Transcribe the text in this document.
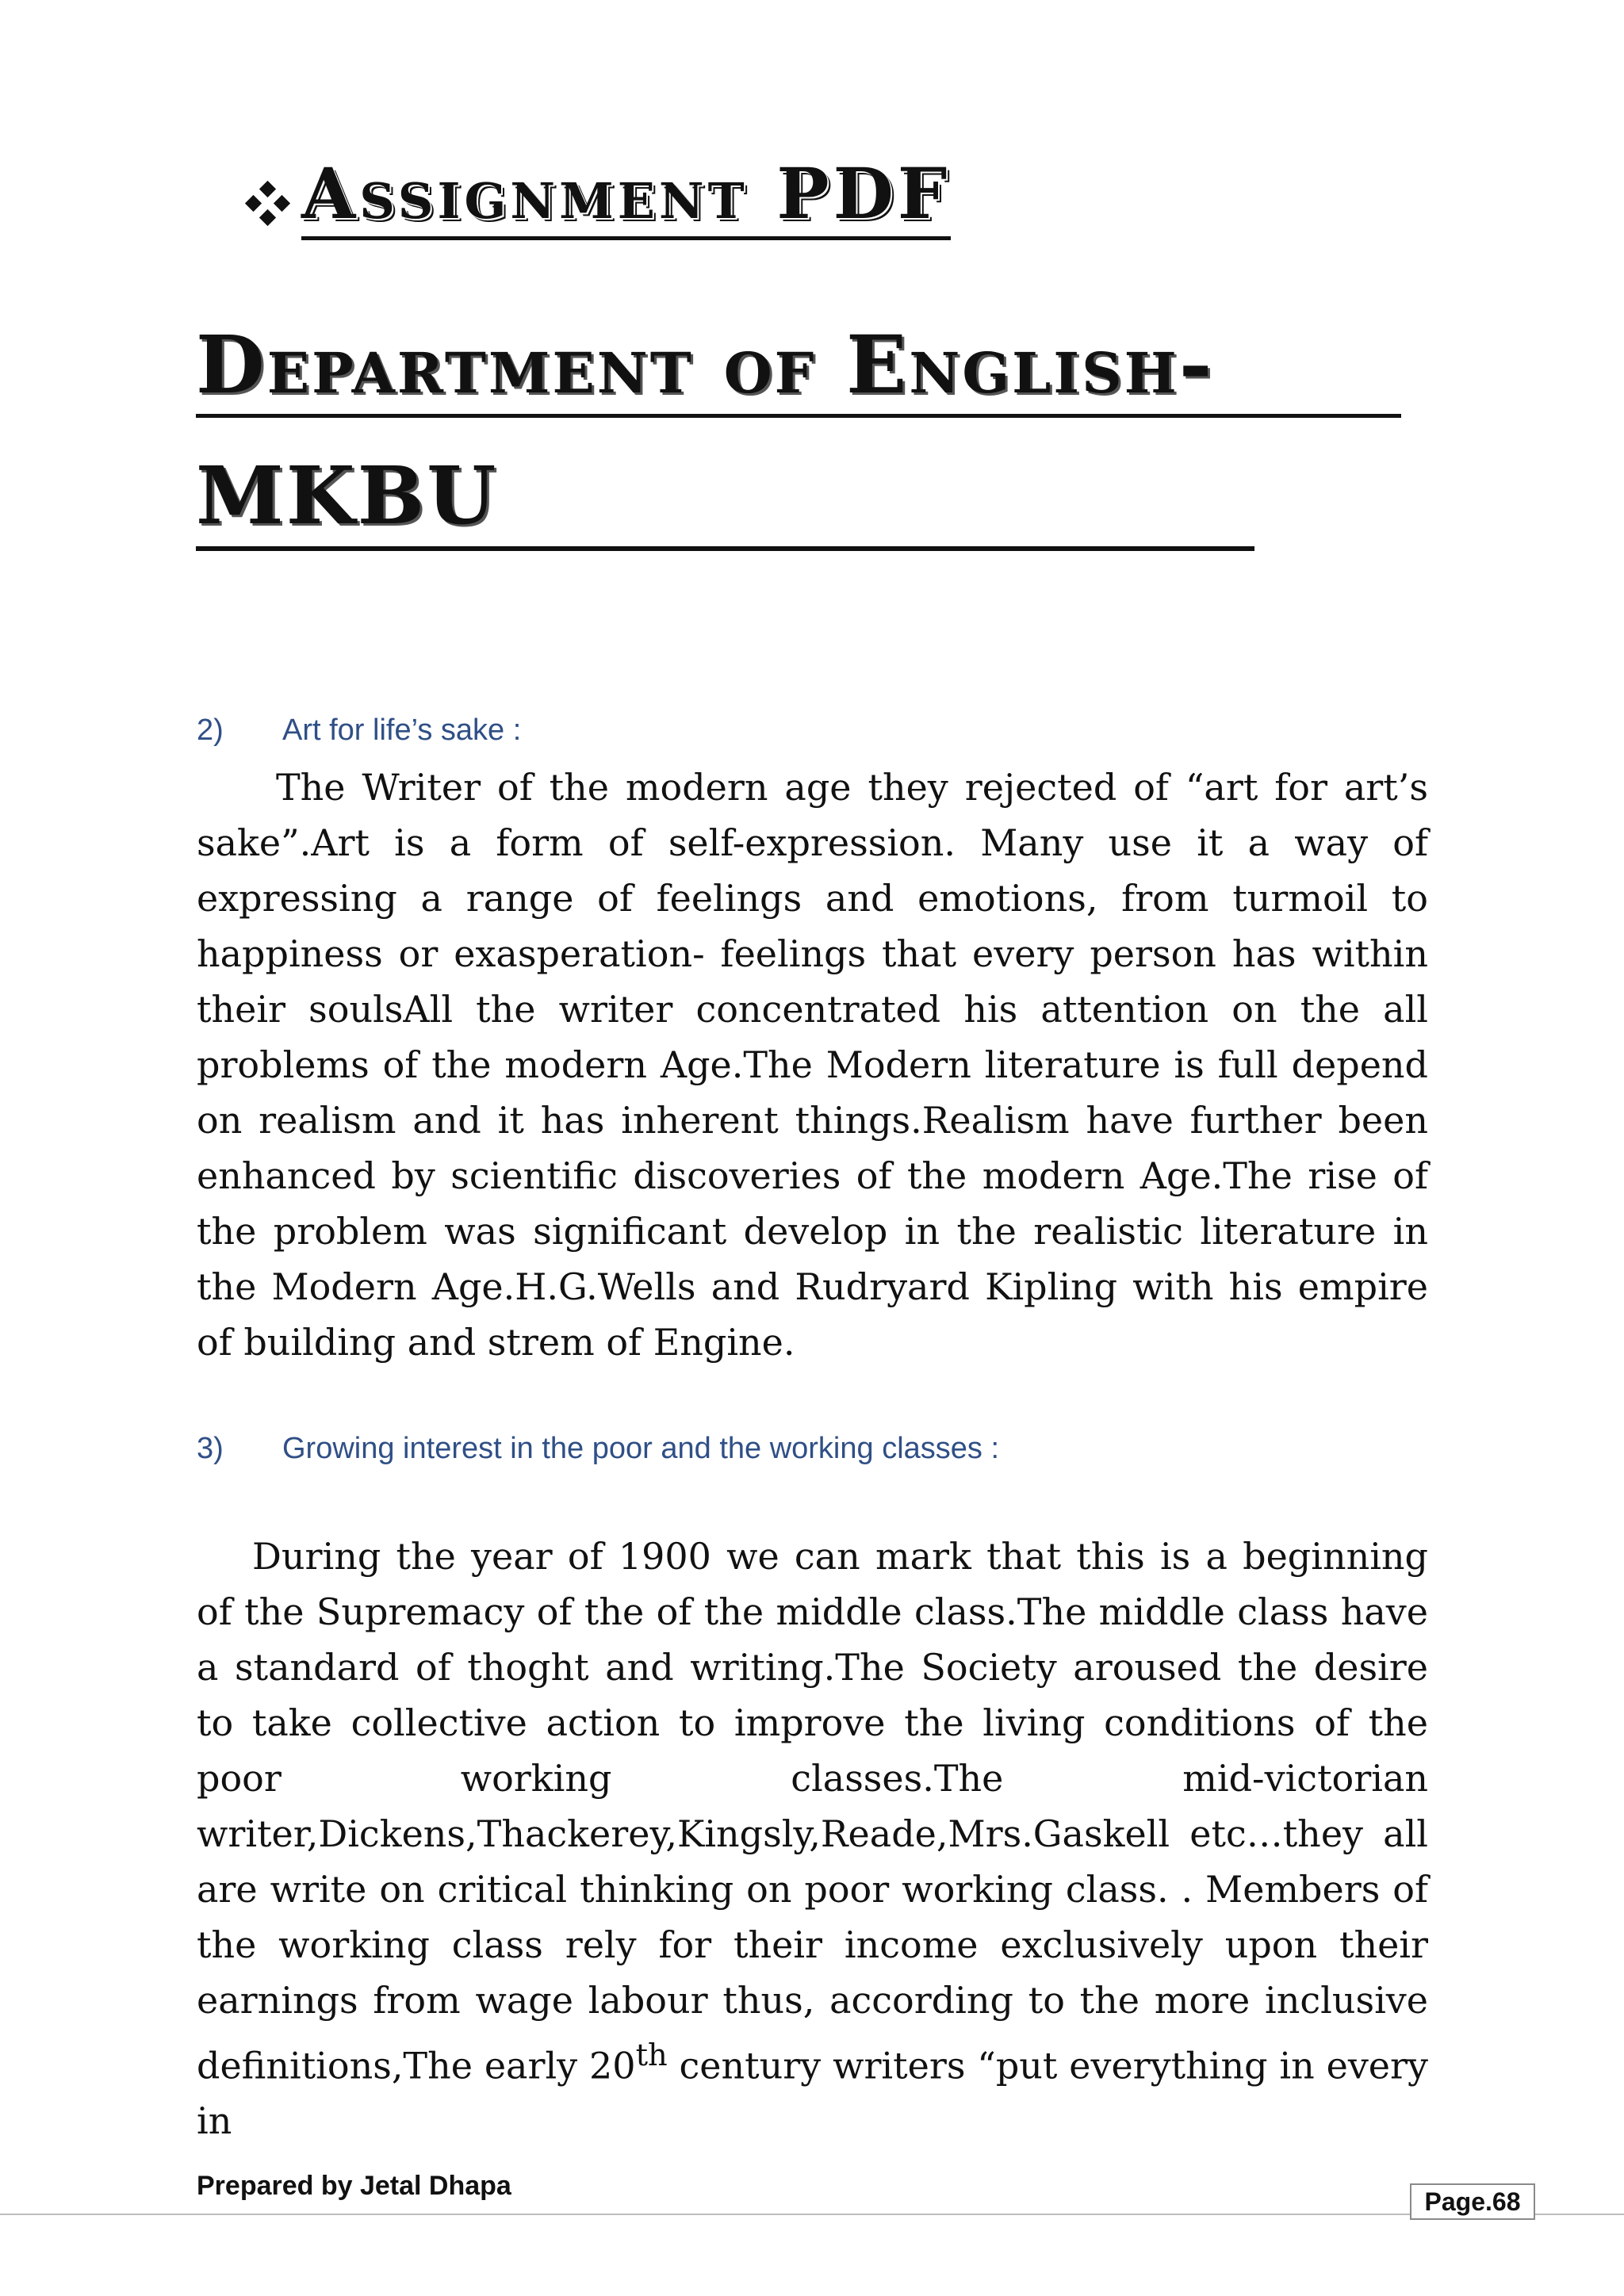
Assignment PDF
Department of English-
MKBU
2) Art for life’s sake :

The Writer of the modern age they rejected of “art for art’s sake”.Art is a form of self-expression. Many use it a way of expressing a range of feelings and emotions, from turmoil to happiness or exasperation- feelings that every person has within their soulsAll the writer concentrated his attention on the all problems of the modern Age.The Modern literature is full depend on realism and it has inherent things.Realism have further been enhanced by scientific discoveries of the modern Age.The rise of the problem was significant develop in the realistic literature in the Modern Age.H.G.Wells and Rudryard Kipling with his empire of building and strem of Engine.

3) Growing interest in the poor and the working classes :

During the year of 1900 we can mark that this is a beginning of the Supremacy of the of the middle class.The middle class have a standard of thoght and writing.The Society aroused the desire to take collective action to improve the living conditions of the poor working classes.The mid-victorian writer,Dickens,Thackerey,Kingsly,Reade,Mrs.Gaskell etc…they all are write on critical thinking on poor working class. . Members of the working class rely for their income exclusively upon their earnings from wage labour thus, according to the more inclusive definitions,The early 20th century writers “put everything in every in

Prepared by Jetal Dhapa
Page.68
